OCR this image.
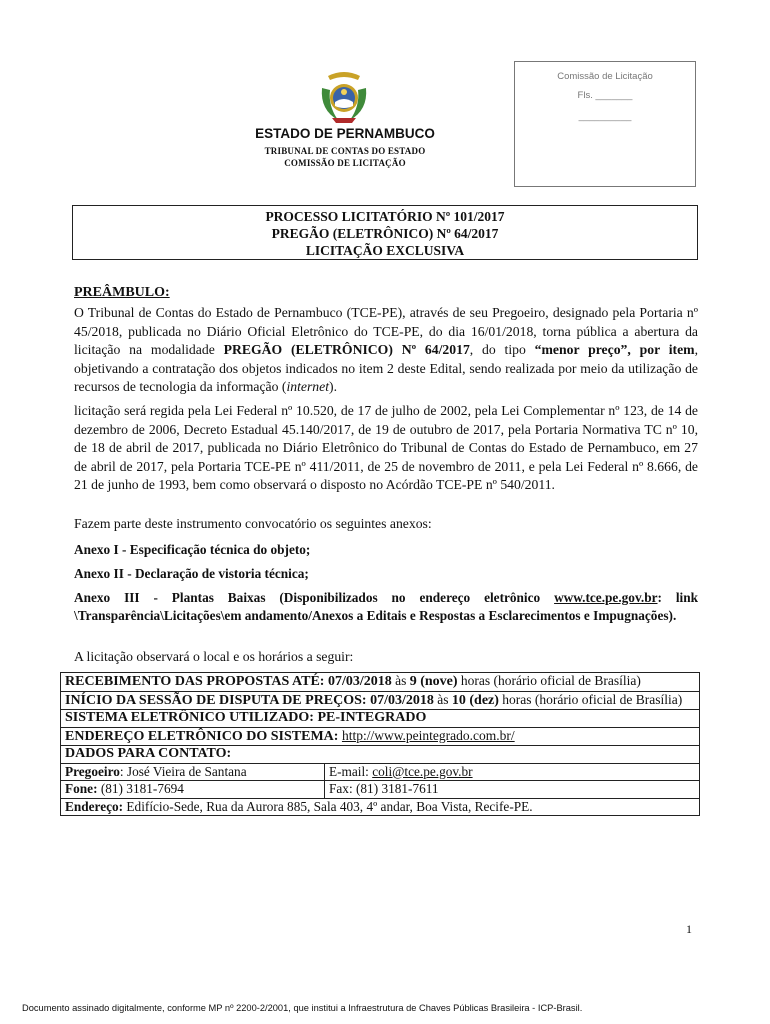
ESTADO DE PERNAMBUCO
TRIBUNAL DE CONTAS DO ESTADO
COMISSÃO DE LICITAÇÃO
Comissão de Licitação
Fls. _______
__________
PROCESSO LICITATÓRIO Nº 101/2017
PREGÃO (ELETRÔNICO) Nº 64/2017
LICITAÇÃO EXCLUSIVA
PREÂMBULO:
O Tribunal de Contas do Estado de Pernambuco (TCE-PE), através de seu Pregoeiro, designado pela Portaria nº 45/2018, publicada no Diário Oficial Eletrônico do TCE-PE, do dia 16/01/2018, torna pública a abertura da licitação na modalidade PREGÃO (ELETRÔNICO) Nº 64/2017, do tipo “menor preço”, por item, objetivando a contratação dos objetos indicados no item 2 deste Edital, sendo realizada por meio da utilização de recursos de tecnologia da informação (internet).
licitação será regida pela Lei Federal nº 10.520, de 17 de julho de 2002, pela Lei Complementar nº 123, de 14 de dezembro de 2006, Decreto Estadual 45.140/2017, de 19 de outubro de 2017, pela Portaria Normativa TC nº 10, de 18 de abril de 2017, publicada no Diário Eletrônico do Tribunal de Contas do Estado de Pernambuco, em 27 de abril de 2017, pela Portaria TCE-PE nº 411/2011, de 25 de novembro de 2011, e pela Lei Federal nº 8.666, de 21 de junho de 1993, bem como observará o disposto no Acórdão TCE-PE nº 540/2011.
Fazem parte deste instrumento convocatório os seguintes anexos:
Anexo I - Especificação técnica do objeto;
Anexo II - Declaração de vistoria técnica;
Anexo III - Plantas Baixas (Disponibilizados no endereço eletrônico www.tce.pe.gov.br: link \Transparência\Licitações\em andamento/Anexos a Editais e Respostas a Esclarecimentos e Impugnações).
A licitação observará o local e os horários a seguir:
RECEBIMENTO DAS PROPOSTAS ATÉ: 07/03/2018 às 9 (nove) horas (horário oficial de Brasília)	
INÍCIO DA SESSÃO DE DISPUTA DE PREÇOS: 07/03/2018 às 10 (dez) horas (horário oficial de Brasília)	
SISTEMA ELETRÔNICO UTILIZADO: PE-INTEGRADO	
ENDEREÇO ELETRÔNICO DO SISTEMA: http://www.peintegrado.com.br/	
DADOS PARA CONTATO:	
Pregoeiro: José Vieira de Santana	E-mail: coli@tce.pe.gov.br
Fone: (81) 3181-7694	Fax: (81) 3181-7611
Endereço: Edifício-Sede, Rua da Aurora 885, Sala 403, 4º andar, Boa Vista, Recife-PE.	
1
Documento assinado digitalmente, conforme MP nº 2200-2/2001, que institui a Infraestrutura de Chaves Públicas Brasileira - ICP-Brasil.
